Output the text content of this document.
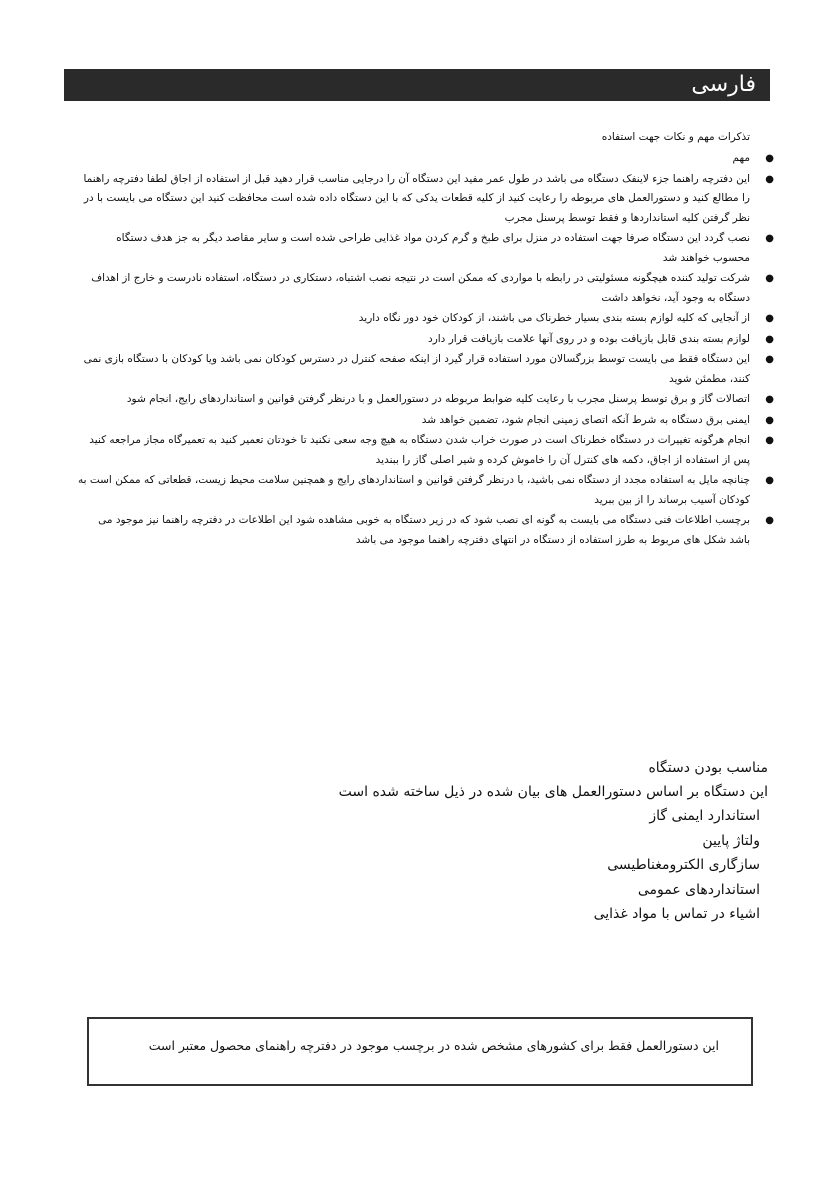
فارسی
تذکرات مهم و نکات جهت استفاده
● مهم
● این دفترچه راهنما جزء لاینفک دستگاه می باشد در طول عمر مفید این دستگاه آن را درجایی مناسب قرار دهید قبل از استفاده از اجاق لطفا دفترچه راهنما را مطالع کنید و دستورالعمل های مربوطه را رعایت کنید از کلیه قطعات یدکی که با این دستگاه داده شده است محافظت کنید این دستگاه می بایست با در نظر گرفتن کلیه استانداردها و فقط توسط پرسنل مجرب
● نصب گردد این دستگاه صرفا جهت استفاده در منزل برای طبخ و گرم کردن مواد غذایی طراحی شده است و سایر مقاصد دیگر به جز هدف دستگاه محسوب خواهند شد
● شرکت تولید کننده هیچگونه مسئولیتی در رابطه با مواردی که ممکن است در نتیجه نصب اشتباه، دستکاری در دستگاه، استفاده نادرست و خارج از اهداف دستگاه به وجود آید، نخواهد داشت
● از آنجایی که کلیه لوازم بسته بندی بسیار خطرناک می باشند، از کودکان خود دور نگاه دارید
● لوازم بسته بندی قابل بازیافت بوده و در روی آنها علامت بازیافت قرار دارد
● این دستگاه فقط می بایست توسط بزرگسالان مورد استفاده قرار گیرد از اینکه صفحه کنترل در دسترس کودکان نمی باشد ویا کودکان با دستگاه بازی نمی کنند، مطمئن شوید
● اتصالات گاز و برق توسط پرسنل مجرب با رعایت کلیه ضوابط مربوطه در دستورالعمل و با درنظر گرفتن قوانین و استانداردهای رایج، انجام شود
● ایمنی برق دستگاه به شرط آنکه اتصای زمینی انجام شود، تضمین خواهد شد
● انجام هرگونه تغییرات در دستگاه خطرناک است در صورت خراب شدن دستگاه به هیچ وجه سعی نکنید تا خودتان تعمیر کنید به تعمیرگاه مجاز مراجعه کنید پس از استفاده از اجاق، دکمه های کنترل آن را خاموش کرده و شیر اصلی گاز را ببندید
● چنانچه مایل به استفاده مجدد از دستگاه نمی باشید، با درنظر گرفتن قوانین و استانداردهای رایج و همچنین سلامت محیط زیست، قطعاتی که ممکن است به کودکان آسیب برساند را از بین ببرید
● برچسب اطلاعات فنی دستگاه می بایست به گونه ای نصب شود که در زیر دستگاه به خوبی مشاهده شود این اطلاعات در دفترچه راهنما نیز موجود می باشد شکل های مربوط به طرز استفاده از دستگاه در انتهای دفترچه راهنما موجود می باشد
مناسب بودن دستگاه
این دستگاه بر اساس دستورالعمل های بیان شده در ذیل ساخته شده است
استاندارد ایمنی گاز
ولتاژ پایین
سازگاری الکترومغناطیسی
استانداردهای عمومی
اشیاء در تماس با مواد غذایی
این دستورالعمل فقط برای کشورهای مشخص شده در برچسب موجود در دفترچه راهنمای محصول معتبر است
